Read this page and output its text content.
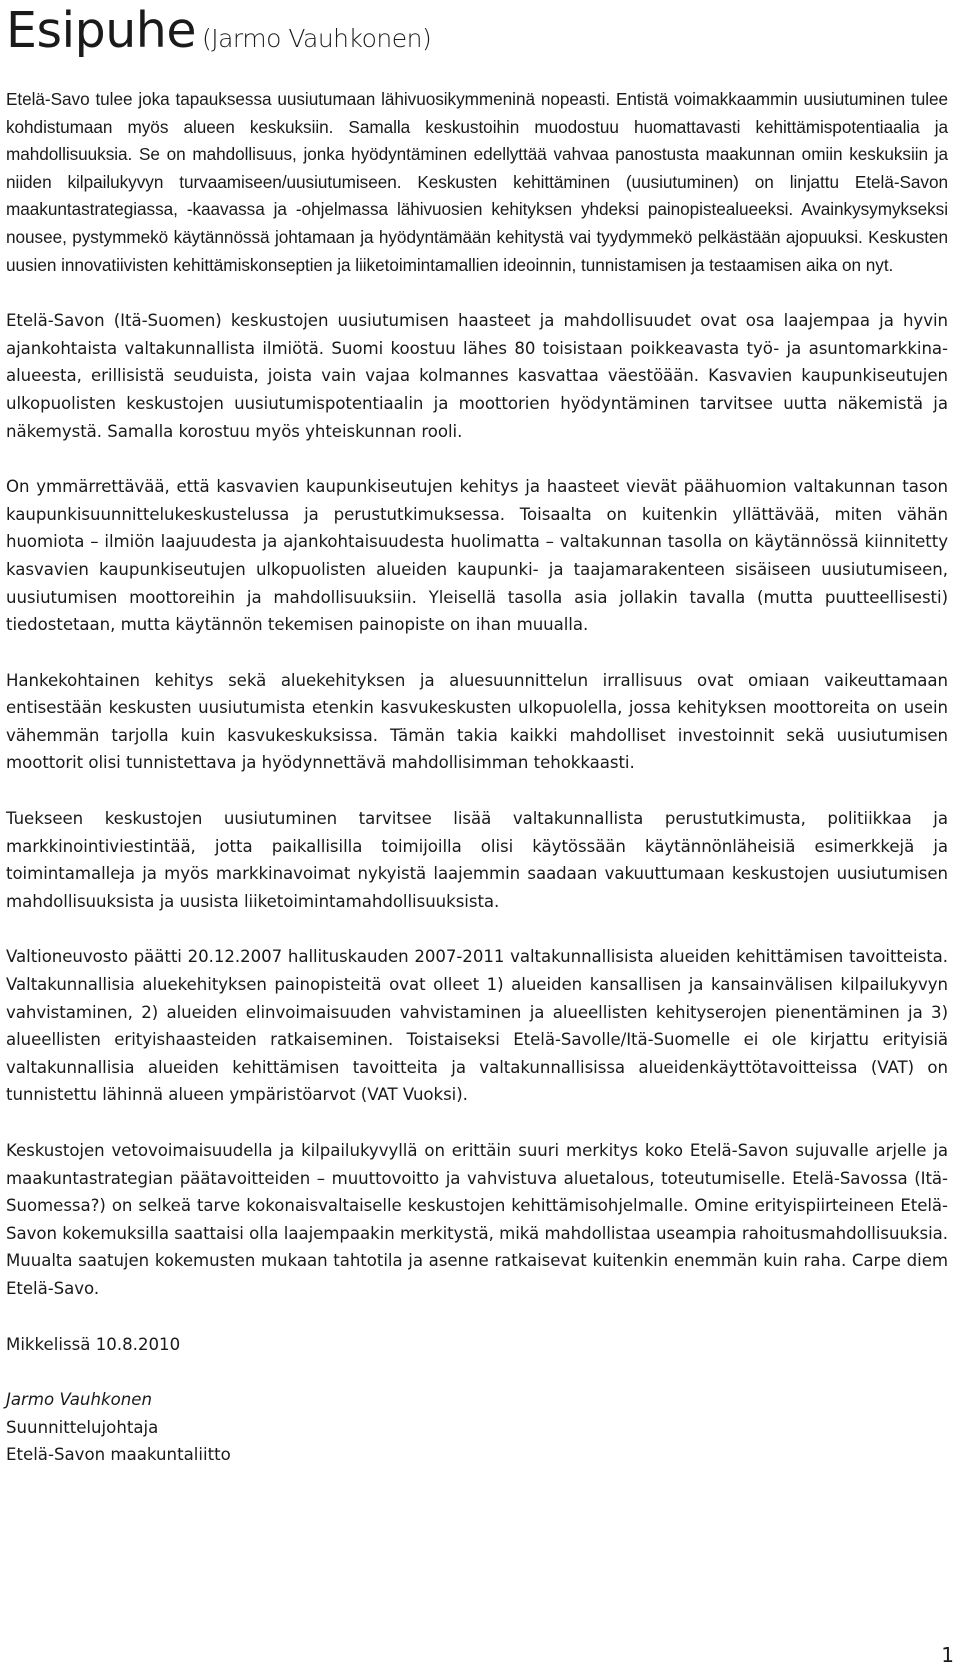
Esipuhe (Jarmo Vauhkonen)

Etelä-Savo tulee joka tapauksessa uusiutumaan lähivuosikymmeninä nopeasti. Entistä voimakkaammin uusiutuminen tulee kohdistumaan myös alueen keskuksiin. Samalla keskustoihin muodostuu huomattavasti kehittämispotentiaalia ja mahdollisuuksia. Se on mahdollisuus, jonka hyödyntäminen edellyttää vahvaa panostusta maakunnan omiin keskuksiin ja niiden kilpailukyvyn turvaamiseen/uusiutumiseen. Keskusten kehittäminen (uusiutuminen) on linjattu Etelä-Savon maakuntastrategiassa, -kaavassa ja -ohjelmassa lähivuosien kehityksen yhdeksi painopistealueeksi. Avainkysymykseksi nousee, pystymmekö käytännössä johtamaan ja hyödyntämään kehitystä vai tyydymmekö pelkästään ajopuuksi. Keskusten uusien innovatiivisten kehittämiskonseptien ja liiketoimintamallien ideoinnin, tunnistamisen ja testaamisen aika on nyt.

Etelä-Savon (Itä-Suomen) keskustojen uusiutumisen haasteet ja mahdollisuudet ovat osa laajempaa ja hyvin ajankohtaista valtakunnallista ilmiötä. Suomi koostuu lähes 80 toisistaan poikkeavasta työ- ja asuntomarkkina-alueesta, erillisistä seuduista, joista vain vajaa kolmannes kasvattaa väestöään. Kasvavien kaupunkiseutujen ulkopuolisten keskustojen uusiutumispotentiaalin ja moottorien hyödyntäminen tarvitsee uutta näkemistä ja näkemystä. Samalla korostuu myös yhteiskunnan rooli.

On ymmärrettävää, että kasvavien kaupunkiseutujen kehitys ja haasteet vievät päähuomion valtakunnan tason kaupunkisuunnittelukeskustelussa ja perustutkimuksessa. Toisaalta on kuitenkin yllättävää, miten vähän huomiota – ilmiön laajuudesta ja ajankohtaisuudesta huolimatta – valtakunnan tasolla on käytännössä kiinnitetty kasvavien kaupunkiseutujen ulkopuolisten alueiden kaupunki- ja taajamarakenteen sisäiseen uusiutumiseen, uusiutumisen moottoreihin ja mahdollisuuksiin. Yleisellä tasolla asia jollakin tavalla (mutta puutteellisesti) tiedostetaan, mutta käytännön tekemisen painopiste on ihan muualla.

Hankekohtainen kehitys sekä aluekehityksen ja aluesuunnittelun irrallisuus ovat omiaan vaikeuttamaan entisestään keskusten uusiutumista etenkin kasvukeskusten ulkopuolella, jossa kehityksen moottoreita on usein vähemmän tarjolla kuin kasvukeskuksissa. Tämän takia kaikki mahdolliset investoinnit sekä uusiutumisen moottorit olisi tunnistettava ja hyödynnettävä mahdollisimman tehokkaasti.

Tuekseen keskustojen uusiutuminen tarvitsee lisää valtakunnallista perustutkimusta, politiikkaa ja markkinointiviestintää, jotta paikallisilla toimijoilla olisi käytössään käytännönläheisiä esimerkkejä ja toimintamalleja ja myös markkinavoimat nykyistä laajemmin saadaan vakuuttumaan keskustojen uusiutumisen mahdollisuuksista ja uusista liiketoimintamahdollisuuksista.

Valtioneuvosto päätti 20.12.2007 hallituskauden 2007-2011 valtakunnallisista alueiden kehittämisen tavoitteista. Valtakunnallisia aluekehityksen painopisteitä ovat olleet 1) alueiden kansallisen ja kansainvälisen kilpailukyvyn vahvistaminen, 2) alueiden elinvoimaisuuden vahvistaminen ja alueellisten kehityserojen pienentäminen ja 3) alueellisten erityishaasteiden ratkaiseminen. Toistaiseksi Etelä-Savolle/Itä-Suomelle ei ole kirjattu erityisiä valtakunnallisia alueiden kehittämisen tavoitteita ja valtakunnallisissa alueidenkäyttötavoitteissa (VAT) on tunnistettu lähinnä alueen ympäristöarvot (VAT Vuoksi).

Keskustojen vetovoimaisuudella ja kilpailukyvyllä on erittäin suuri merkitys koko Etelä-Savon sujuvalle arjelle ja maakuntastrategian päätavoitteiden – muuttovoitto ja vahvistuva aluetalous, toteutumiselle. Etelä-Savossa (Itä-Suomessa?) on selkeä tarve kokonaisvaltaiselle keskustojen kehittämisohjelmalle. Omine erityispiirteineen Etelä-Savon kokemuksilla saattaisi olla laajempaakin merkitystä, mikä mahdollistaa useampia rahoitusmahdollisuuksia. Muualta saatujen kokemusten mukaan tahtotila ja asenne ratkaisevat kuitenkin enemmän kuin raha. Carpe diem Etelä-Savo.

Mikkelissä 10.8.2010
Jarmo Vauhkonen
Suunnittelujohtaja
Etelä-Savon maakuntaliitto
1
